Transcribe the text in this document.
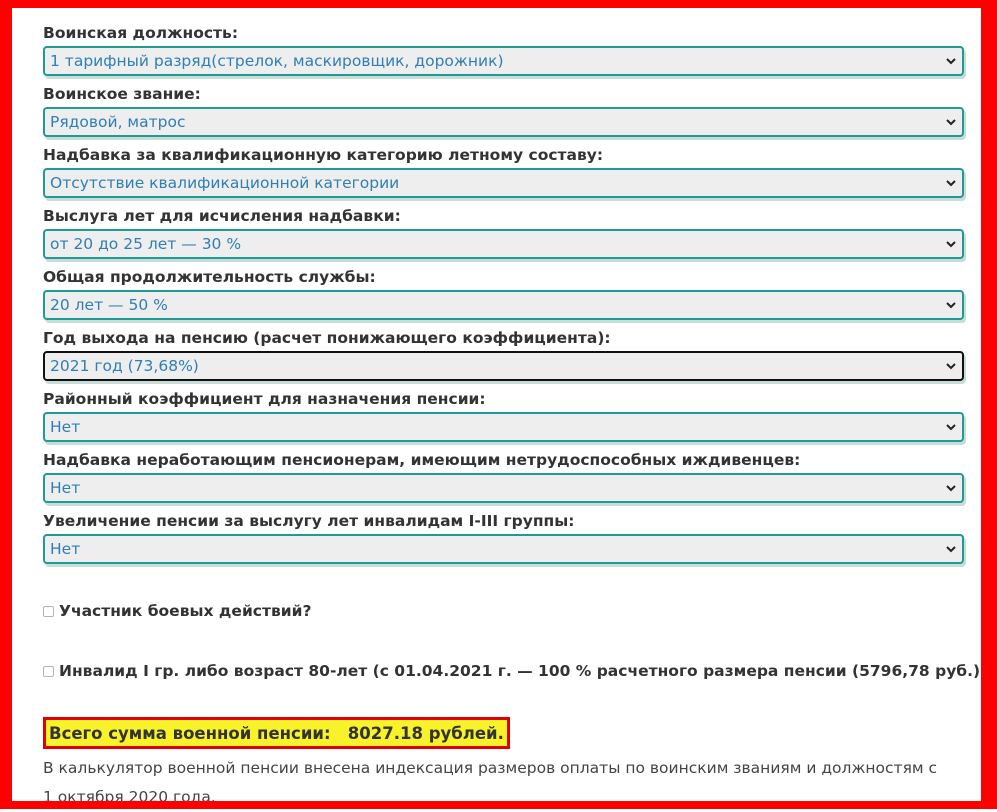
Воинская должность:
1 тарифный разряд(стрелок, маскировщик, дорожник)
Воинское звание:
Рядовой, матрос
Надбавка за квалификационную категорию летному составу:
Отсутствие квалификационной категории
Выслуга лет для исчисления надбавки:
от 20 до 25 лет — 30 %
Общая продолжительность службы:
20 лет — 50 %
Год выхода на пенсию (расчет понижающего коэффициента):
2021 год (73,68%)
Районный коэффициент для назначения пенсии:
Нет
Надбавка неработающим пенсионерам, имеющим нетрудоспособных иждивенцев:
Нет
Увеличение пенсии за выслугу лет инвалидам I-III группы:
Нет
Участник боевых действий?
Инвалид I гр. либо возраст 80-лет (с 01.04.2021 г. — 100 % расчетного размера пенсии (5796,78 руб.)
Всего сумма военной пенсии:
8027.18
рублей.
В калькулятор военной пенсии внесена индексация размеров оплаты по воинским званиям и должностям с 1 октября 2020 года.
